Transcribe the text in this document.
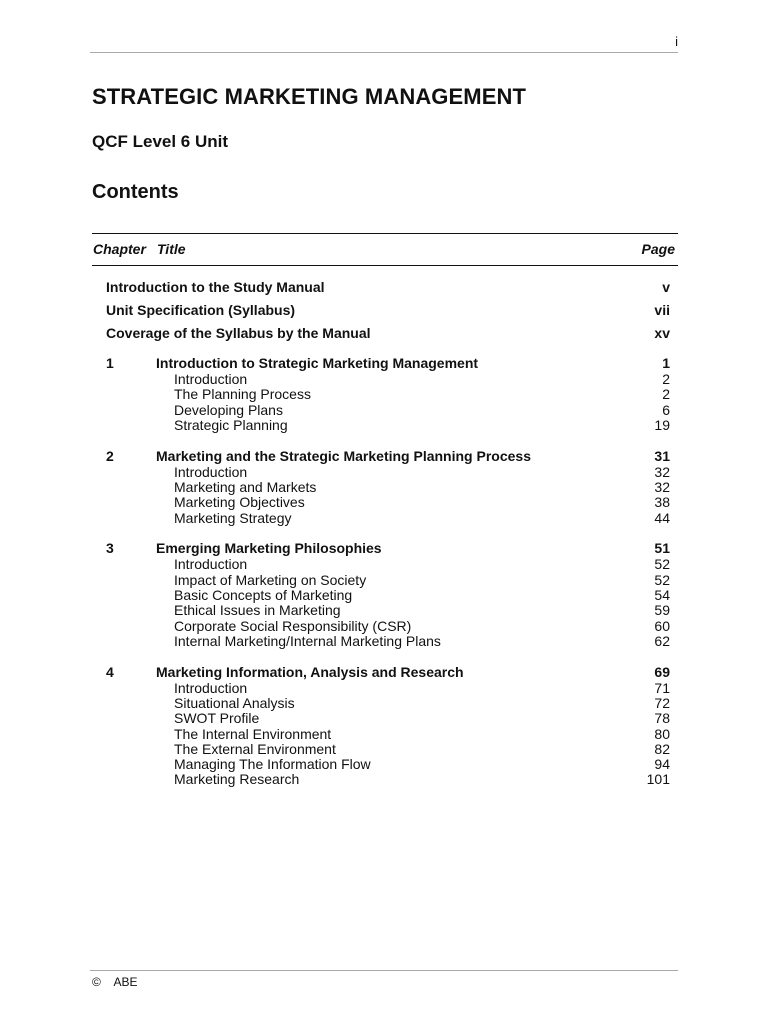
i
STRATEGIC MARKETING MANAGEMENT
QCF Level 6 Unit
Contents
Chapter Title	Page
Introduction to the Study Manual	v
Unit Specification (Syllabus)	vii
Coverage of the Syllabus by the Manual	xv
1	Introduction to Strategic Marketing Management	1
Introduction	2
The Planning Process	2
Developing Plans	6
Strategic Planning	19
2	Marketing and the Strategic Marketing Planning Process	31
Introduction	32
Marketing and Markets	32
Marketing Objectives	38
Marketing Strategy	44
3	Emerging Marketing Philosophies	51
Introduction	52
Impact of Marketing on Society	52
Basic Concepts of Marketing	54
Ethical Issues in Marketing	59
Corporate Social Responsibility (CSR)	60
Internal Marketing/Internal Marketing Plans	62
4	Marketing Information, Analysis and Research	69
Introduction	71
Situational Analysis	72
SWOT Profile	78
The Internal Environment	80
The External Environment	82
Managing The Information Flow	94
Marketing Research	101
© ABE
